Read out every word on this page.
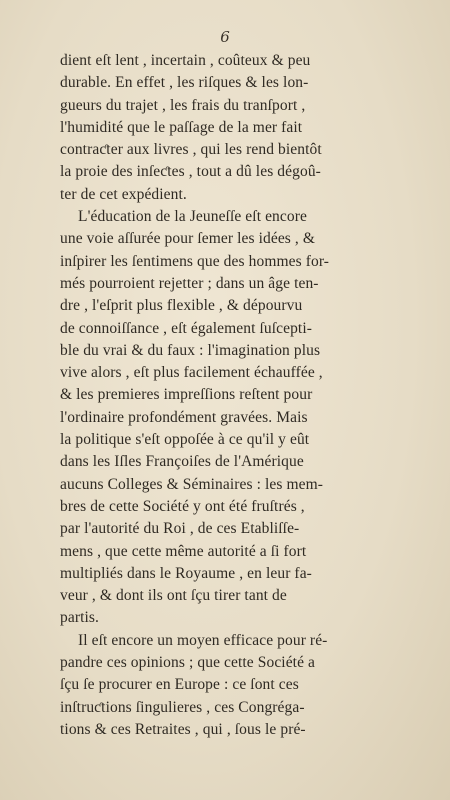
6
dient eſt lent , incertain , coûteux & peu
durable. En effet , les riſques & les lon-
gueurs du trajet , les frais du tranſport ,
l'humidité que le paſſage de la mer fait
contraƈter aux livres , qui les rend bientôt
la proie des inſeƈtes , tout a dû les dégoû-
ter de cet expédient.
L'éducation de la Jeuneſſe eſt encore
une voie aſſurée pour ſemer les idées , &
inſpirer les ſentimens que des hommes for-
més pourroient rejetter ; dans un âge ten-
dre , l'eſprit plus flexible , & dépourvu
de connoiſſance , eſt également ſuſcepti-
ble du vrai & du faux : l'imagination plus
vive alors , eſt plus facilement échauffée ,
& les premieres impreſſions reſtent pour
l'ordinaire profondément gravées. Mais
la politique s'eſt oppoſée à ce qu'il y eût
dans les Iſles Françoiſes de l'Amérique
aucuns Colleges & Séminaires : les mem-
bres de cette Société y ont été fruſtrés ,
par l'autorité du Roi , de ces Etabliſſe-
mens , que cette même autorité a ſi fort
multipliés dans le Royaume , en leur fa-
veur , & dont ils ont ſçu tirer tant de
partis.
Il eſt encore un moyen efficace pour ré-
pandre ces opinions ; que cette Société a
ſçu ſe procurer en Europe : ce ſont ces
inſtruƈtions ſingulieres , ces Congréga-
tions & ces Retraites , qui , ſous le pré-
